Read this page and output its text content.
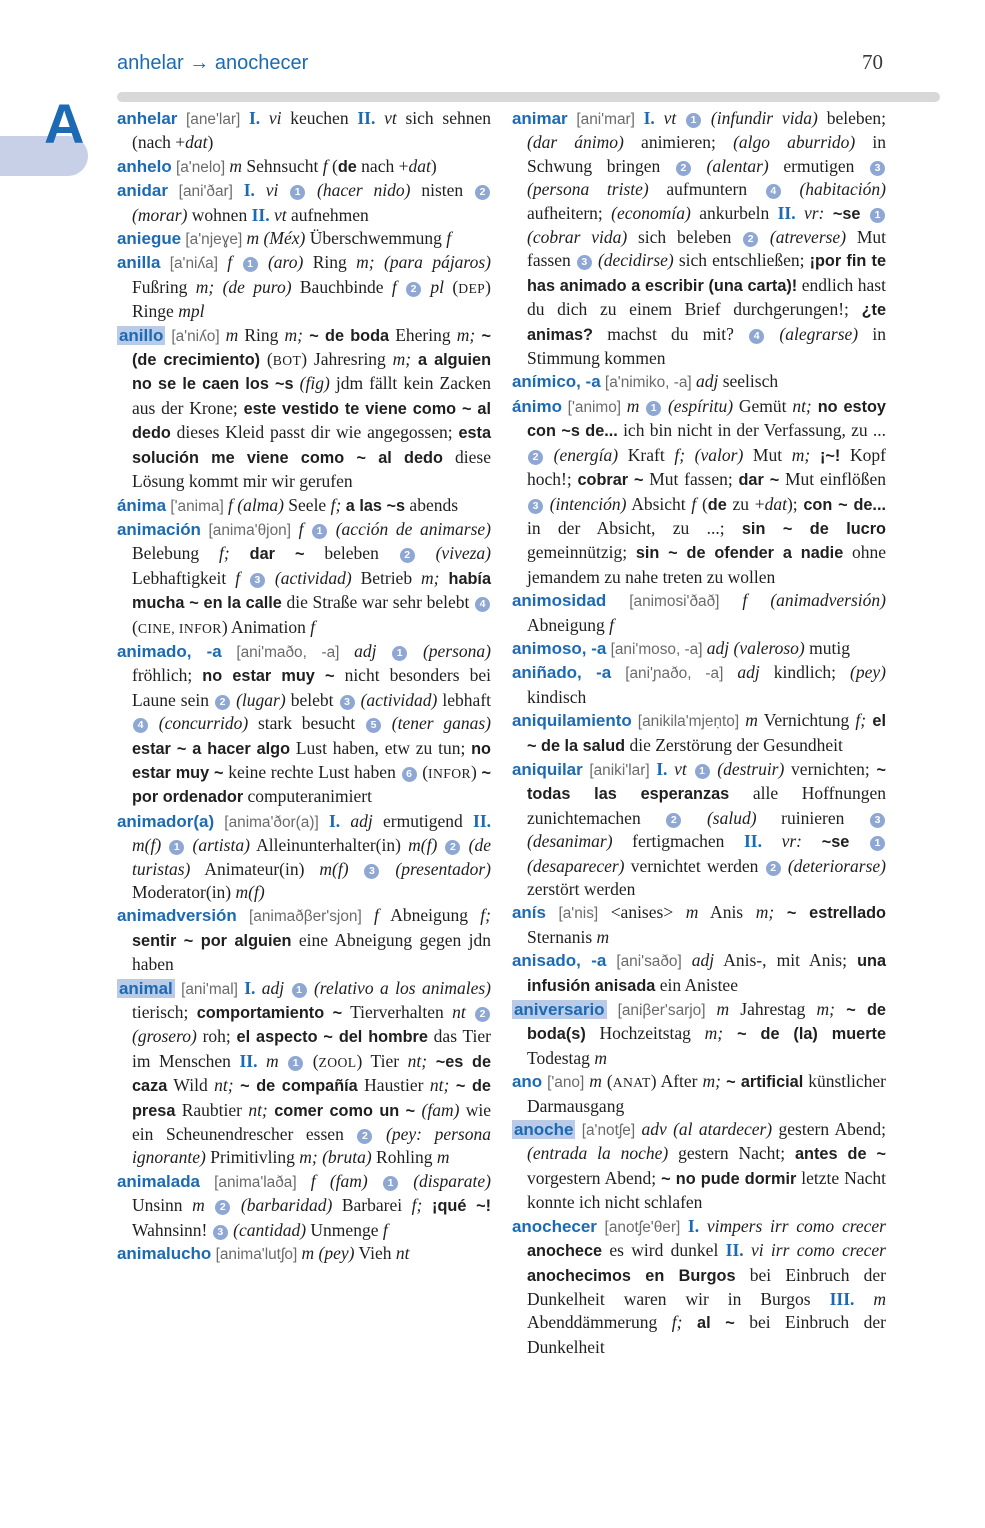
anhelar → anochecer	70
A anhelar [ane'lar] I. vi keuchen II. vt sich sehnen (nach +dat)

anhelo [a'nelo] m Sehnsucht f (de nach +dat)

anidar [ani'ðar] I. vi 1 (hacer nido) nisten 2 (morar) wohnen II. vt aufnehmen

aniegue [a'njeɣe] m (Méx) Überschwemmung f

anilla [a'niʎa] f 1 (aro) Ring m; (para pájaros) Fußring m; (de puro) Bauchbinde f 2 pl (DEP) Ringe mpl

anillo [a'niʎo] m Ring m; ~ de boda Ehering m; ~ (de crecimiento) (BOT) Jahresring m; a alguien no se le caen los ~s (fig) jdm fällt kein Zacken aus der Krone; este vestido te viene como ~ al dedo dieses Kleid passt dir wie angegossen; esta solución me viene como ~ al dedo diese Lösung kommt mir wir gerufen

ánima ['anima] f (alma) Seele f; a las ~s abends

animación [anima'θjon] f 1 (acción de animarse) Belebung f; dar ~ beleben 2 (viveza) Lebhaftigkeit f 3 (actividad) Betrieb m; había mucha ~ en la calle die Straße war sehr belebt 4 (CINE, INFOR) Animation f

animado, -a [ani'maðo, -a] adj 1 (persona) fröhlich; no estar muy ~ nicht besonders bei Laune sein 2 (lugar) belebt 3 (actividad) lebhaft 4 (concurrido) stark besucht 5 (tener ganas) estar ~ a hacer algo Lust haben, etw zu tun; no estar muy ~ keine rechte Lust haben 6 (INFOR) ~ por ordenador computeranimiert

animador(a) [anima'ðor(a)] I. adj ermutigend II. m(f) 1 (artista) Alleinunterhalter(in) m(f) 2 (de turistas) Animateur(in) m(f) 3 (presentador) Moderator(in) m(f)

animadversión [animaðβer'sjon] f Abneigung f; sentir ~ por alguien eine Abneigung gegen jdn haben

animal [ani'mal] I. adj 1 (relativo a los animales) tierisch; comportamiento ~ Tierverhalten nt 2 (grosero) roh; el aspecto ~ del hombre das Tier im Menschen II. m 1 (ZOOL) Tier nt; ~es de caza Wild nt; ~ de compañía Haustier nt; ~ de presa Raubtier nt; comer como un ~ (fam) wie ein Scheunendrescher essen 2 (pey: persona ignorante) Primitivling m; (bruta) Rohling m

animalada [anima'laða] f (fam) 1 (disparate) Unsinn m 2 (barbaridad) Barbarei f; ¡qué ~! Wahnsinn! 3 (cantidad) Unmenge f

animalucho [anima'lutʃo] m (pey) Vieh nt

animar [ani'mar] I. vt 1 (infundir vida) beleben; (dar ánimo) animieren; (algo aburrido) in Schwung bringen 2 (alentar) ermutigen 3 (persona triste) aufmuntern 4 (habitación) aufheitern; (economía) ankurbeln II. vr: ~se 1 (cobrar vida) sich beleben 2 (atreverse) Mut fassen 3 (decidirse) sich entschließen; ¡por fin te has animado a escribir (una carta)! endlich hast du dich zu einem Brief durchgerungen!; ¿te animas? machst du mit? 4 (alegrarse) in Stimmung kommen

anímico, -a [a'nimiko, -a] adj seelisch

ánimo ['animo] m 1 (espíritu) Gemüt nt; no estoy con ~s de... ich bin nicht in der Verfassung, zu ... 2 (energía) Kraft f; (valor) Mut m; ¡~! Kopf hoch!; cobrar ~ Mut fassen; dar ~ Mut einflößen 3 (intención) Absicht f (de zu +dat); con ~ de... in der Absicht, zu ...; sin ~ de lucro gemeinnützig; sin ~ de ofender a nadie ohne jemandem zu nahe treten zu wollen

animosidad [animosi'ðað] f (animadversión) Abneigung f

animoso, -a [ani'moso, -a] adj (valeroso) mutig

aniñado, -a [ani'ɲaðo, -a] adj kindlich; (pey) kindisch

aniquilamiento [anikila'mjeṇto] m Vernichtung f; el ~ de la salud die Zerstörung der Gesundheit

aniquilar [aniki'lar] I. vt 1 (destruir) vernichten; ~ todas las esperanzas alle Hoffnungen zunichtemachen 2 (salud) ruinieren 3 (desanimar) fertigmachen II. vr: ~se 1 (desaparecer) vernichtet werden 2 (deteriorarse) zerstört werden

anís [a'nis] <anises> m Anis m; ~ estrellado Sternanis m

anisado, -a [ani'saðo] adj Anis-, mit Anis; una infusión anisada ein Anistee

aniversario [aniβer'sarjo] m Jahrestag m; ~ de boda(s) Hochzeitstag m; ~ de (la) muerte Todestag m

ano ['ano] m (ANAT) After m; ~ artificial künstlicher Darmausgang

anoche [a'notʃe] adv (al atardecer) gestern Abend; (entrada la noche) gestern Nacht; antes de ~ vorgestern Abend; ~ no pude dormir letzte Nacht konnte ich nicht schlafen

anochecer [anotʃe'θer] I. vimpers irr como crecer anochece es wird dunkel II. vi irr como crecer anochecimos en Burgos bei Einbruch der Dunkelheit waren wir in Burgos III. m Abenddämmerung f; al ~ bei Einbruch der Dunkelheit
